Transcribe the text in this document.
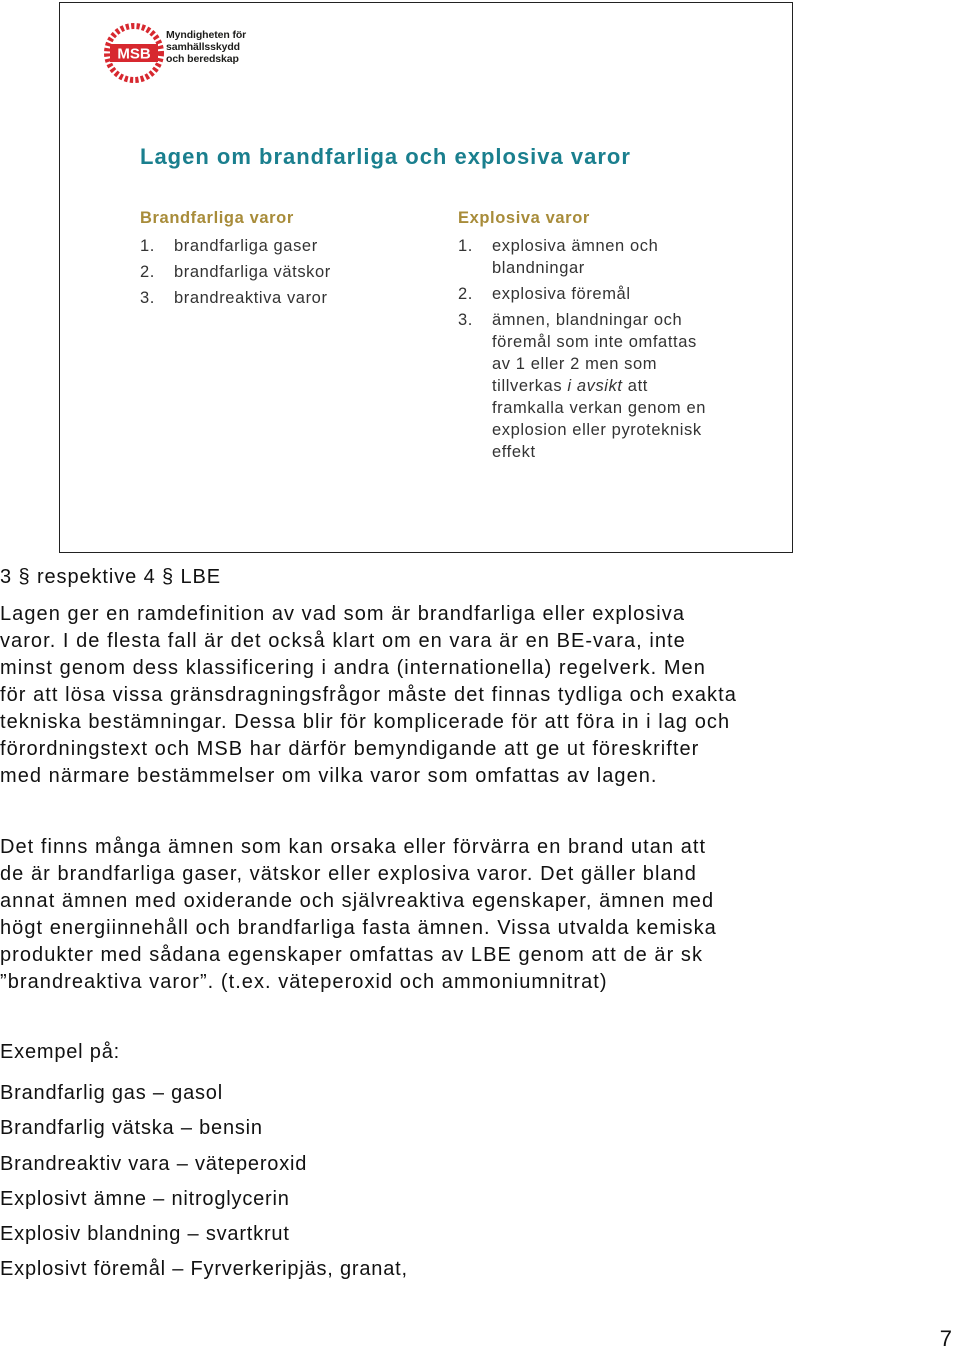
MSB
Myndigheten för
samhällsskydd
och beredskap
Lagen om brandfarliga och explosiva varor
Brandfarliga varor
1. brandfarliga gaser
2. brandfarliga vätskor
3. brandreaktiva varor
Explosiva varor
1. explosiva ämnen och
blandningar
2. explosiva föremål
3. ämnen, blandningar och
föremål som inte omfattas
av 1 eller 2 men som
tillverkas i avsikt att
framkalla verkan genom en
explosion eller pyroteknisk
effekt
3 § respektive 4 § LBE
Lagen ger en ramdefinition av vad som är brandfarliga eller explosiva
varor. I de flesta fall är det också klart om en vara är en BE-vara, inte
minst genom dess klassificering i andra (internationella) regelverk. Men
för att lösa vissa gränsdragningsfrågor måste det finnas tydliga och exakta
tekniska bestämningar. Dessa blir för komplicerade för att föra in i lag och
förordningstext och MSB har därför bemyndigande att ge ut föreskrifter
med närmare bestämmelser om vilka varor som omfattas av lagen.
Det finns många ämnen som kan orsaka eller förvärra en brand utan att
de är brandfarliga gaser, vätskor eller explosiva varor. Det gäller bland
annat ämnen med oxiderande och självreaktiva egenskaper, ämnen med
högt energiinnehåll och brandfarliga fasta ämnen. Vissa utvalda kemiska
produkter med sådana egenskaper omfattas av LBE genom att de är sk
”brandreaktiva varor”. (t.ex. väteperoxid och ammoniumnitrat)
Exempel på:
Brandfarlig gas – gasol
Brandfarlig vätska – bensin
Brandreaktiv vara – väteperoxid
Explosivt ämne – nitroglycerin
Explosiv blandning – svartkrut
Explosivt föremål – Fyrverkeripjäs, granat,
7
